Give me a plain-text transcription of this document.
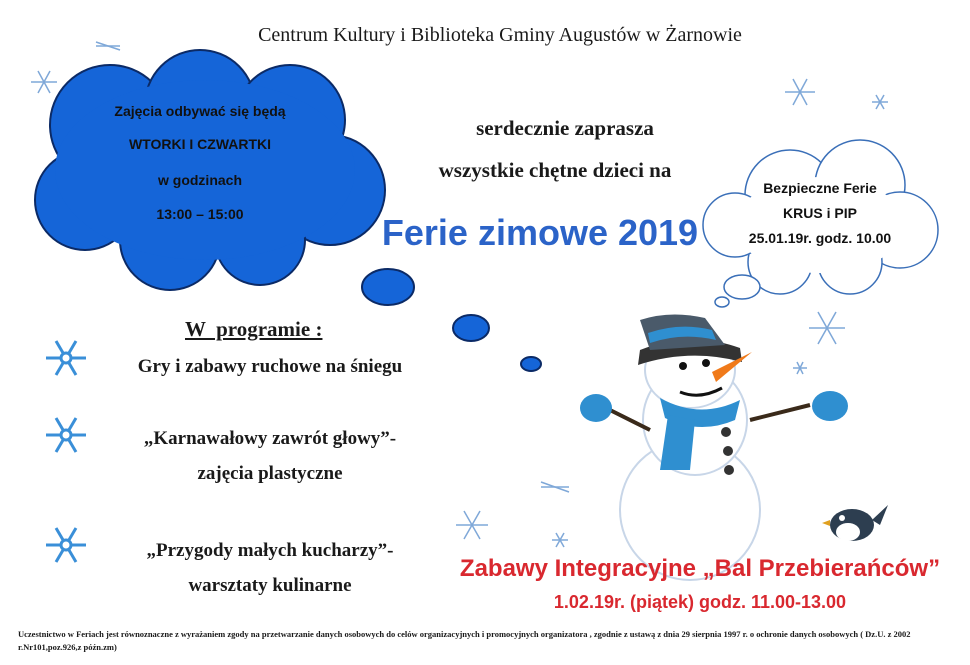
Centrum Kultury i Biblioteka Gminy Augustów w Żarnowie
serdecznie zaprasza
wszystkie chętne dzieci na
Ferie zimowe 2019
Zajęcia odbywać się będą
WTORKI I CZWARTKI
w godzinach
13:00 – 15:00
Bezpieczne Ferie
KRUS i PIP
25.01.19r. godz. 10.00
W  programie :
Gry i zabawy ruchowe na śniegu
„Karnawałowy zawrót głowy”-
zajęcia plastyczne
„Przygody małych kucharzy”-
warsztaty kulinarne
Zabawy Integracyjne „Bal Przebierańców”
1.02.19r. (piątek) godz. 11.00-13.00
Uczestnictwo w Feriach jest równoznaczne z wyrażaniem zgody na przetwarzanie danych osobowych do celów organizacyjnych i promocyjnych organizatora , zgodnie z ustawą z dnia 29 sierpnia 1997 r. o ochronie danych osobowych ( Dz.U. z 2002
r.Nr101,poz.926,z późn.zm)
